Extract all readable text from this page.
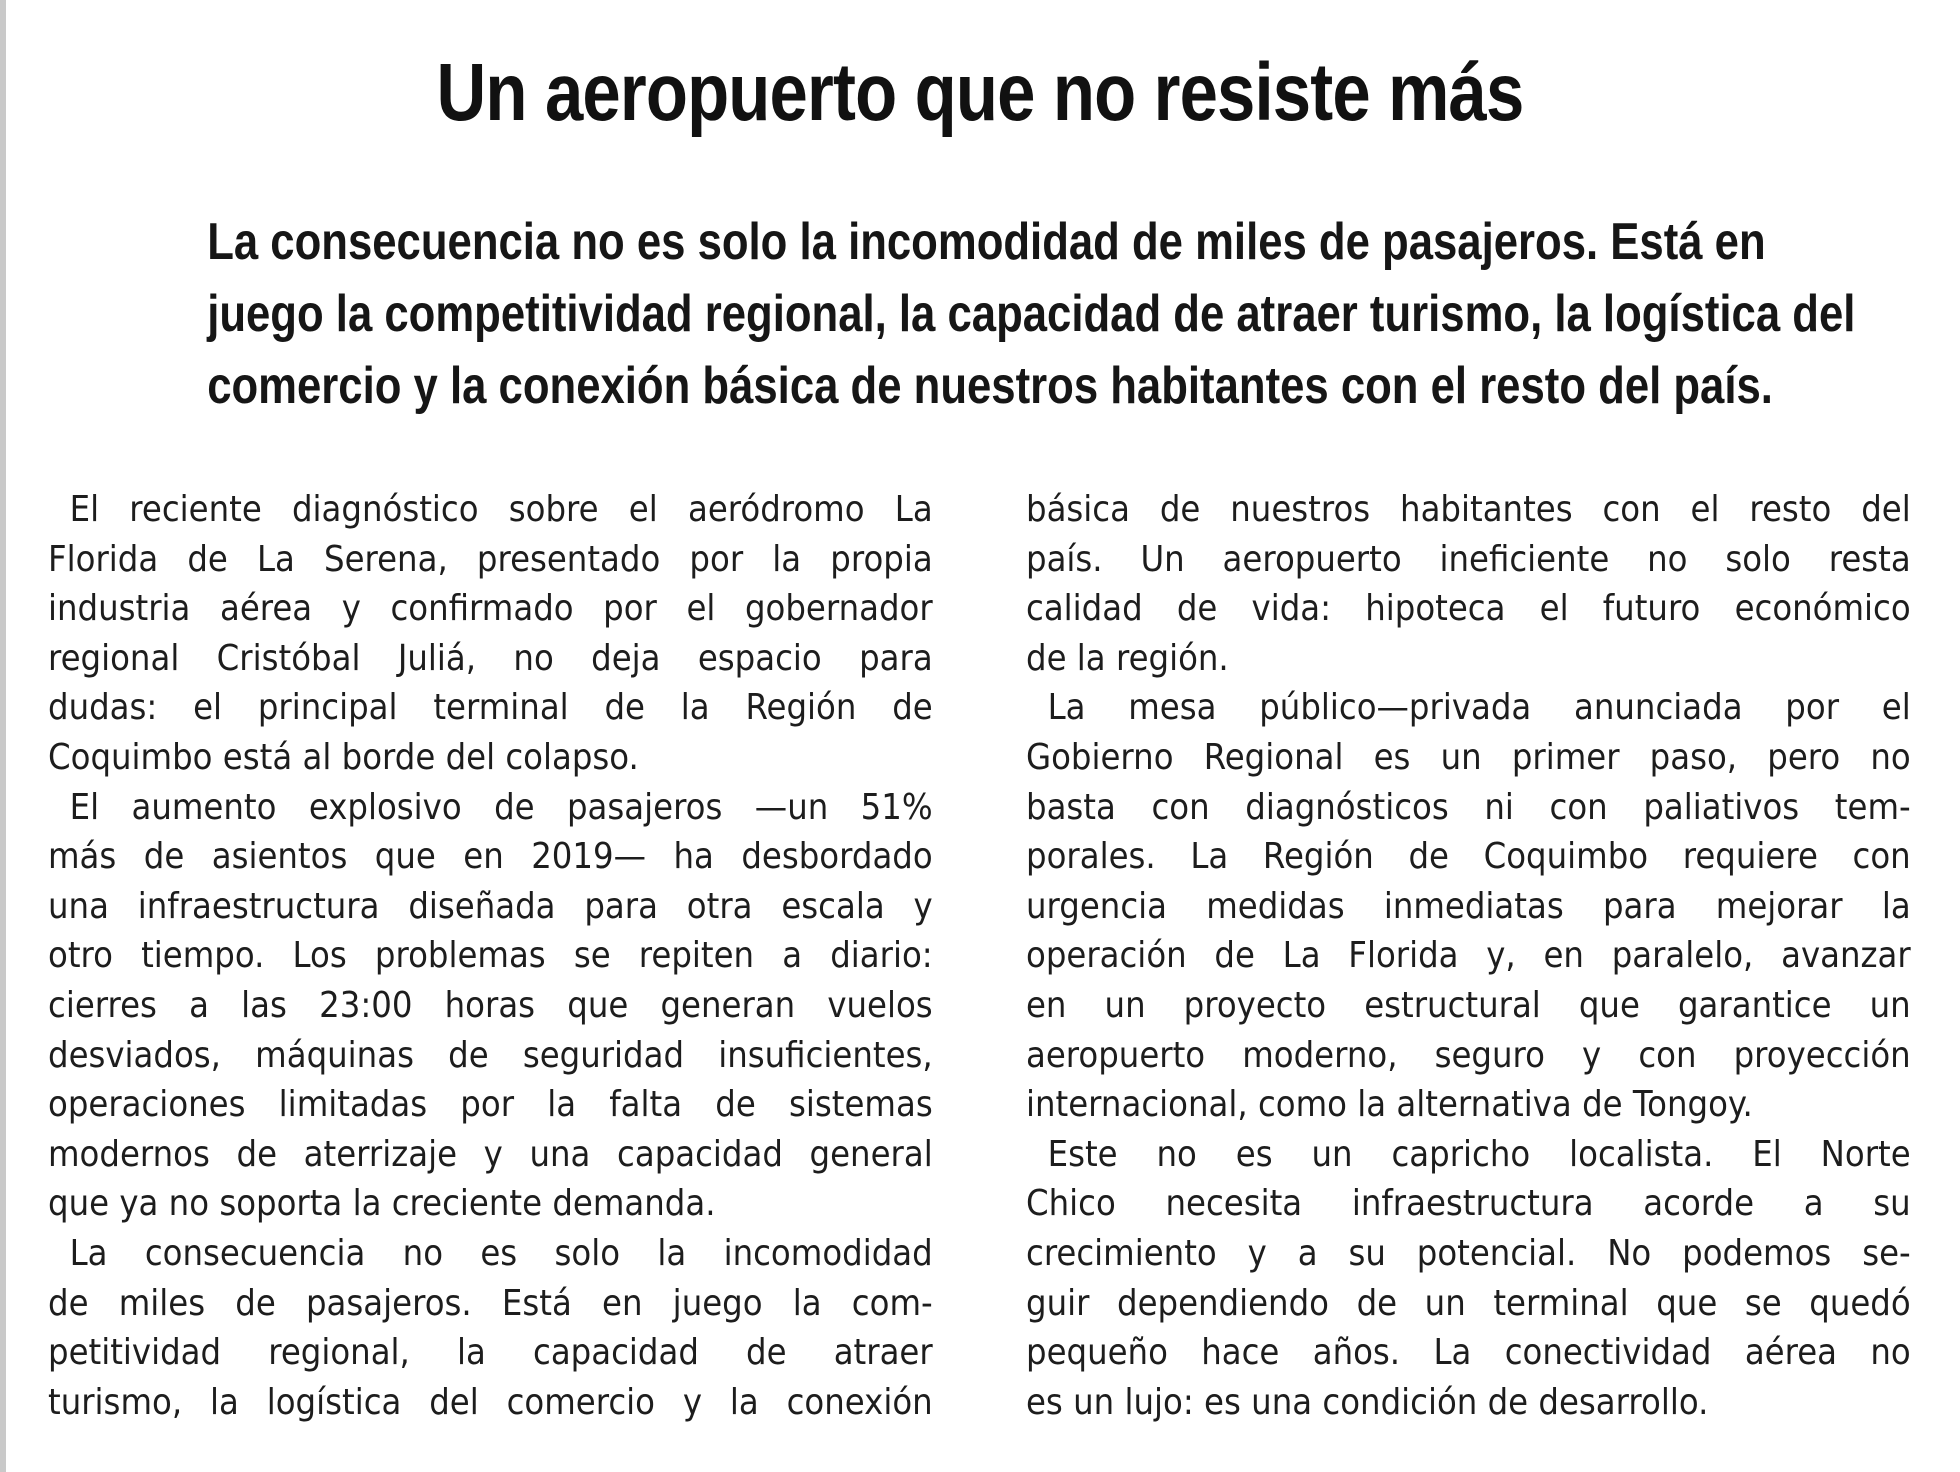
Un aeropuerto que no resiste más
La consecuencia no es solo la incomodidad de miles de pasajeros. Está en
juego la competitividad regional, la capacidad de atraer turismo, la logística del
comercio y la conexión básica de nuestros habitantes con el resto del país.
El reciente diagnóstico sobre el aeródromo La
Florida de La Serena, presentado por la propia
industria aérea y confirmado por el gobernador
regional Cristóbal Juliá, no deja espacio para
dudas: el principal terminal de la Región de
Coquimbo está al borde del colapso.
El aumento explosivo de pasajeros —un 51%
más de asientos que en 2019— ha desbordado
una infraestructura diseñada para otra escala y
otro tiempo. Los problemas se repiten a diario:
cierres a las 23:00 horas que generan vuelos
desviados, máquinas de seguridad insuficientes,
operaciones limitadas por la falta de sistemas
modernos de aterrizaje y una capacidad general
que ya no soporta la creciente demanda.
La consecuencia no es solo la incomodidad
de miles de pasajeros. Está en juego la com-
petitividad regional, la capacidad de atraer
turismo, la logística del comercio y la conexión
básica de nuestros habitantes con el resto del
país. Un aeropuerto ineficiente no solo resta
calidad de vida: hipoteca el futuro económico
de la región.
La mesa público—privada anunciada por el
Gobierno Regional es un primer paso, pero no
basta con diagnósticos ni con paliativos tem-
porales. La Región de Coquimbo requiere con
urgencia medidas inmediatas para mejorar la
operación de La Florida y, en paralelo, avanzar
en un proyecto estructural que garantice un
aeropuerto moderno, seguro y con proyección
internacional, como la alternativa de Tongoy.
Este no es un capricho localista. El Norte
Chico necesita infraestructura acorde a su
crecimiento y a su potencial. No podemos se-
guir dependiendo de un terminal que se quedó
pequeño hace años. La conectividad aérea no
es un lujo: es una condición de desarrollo.
